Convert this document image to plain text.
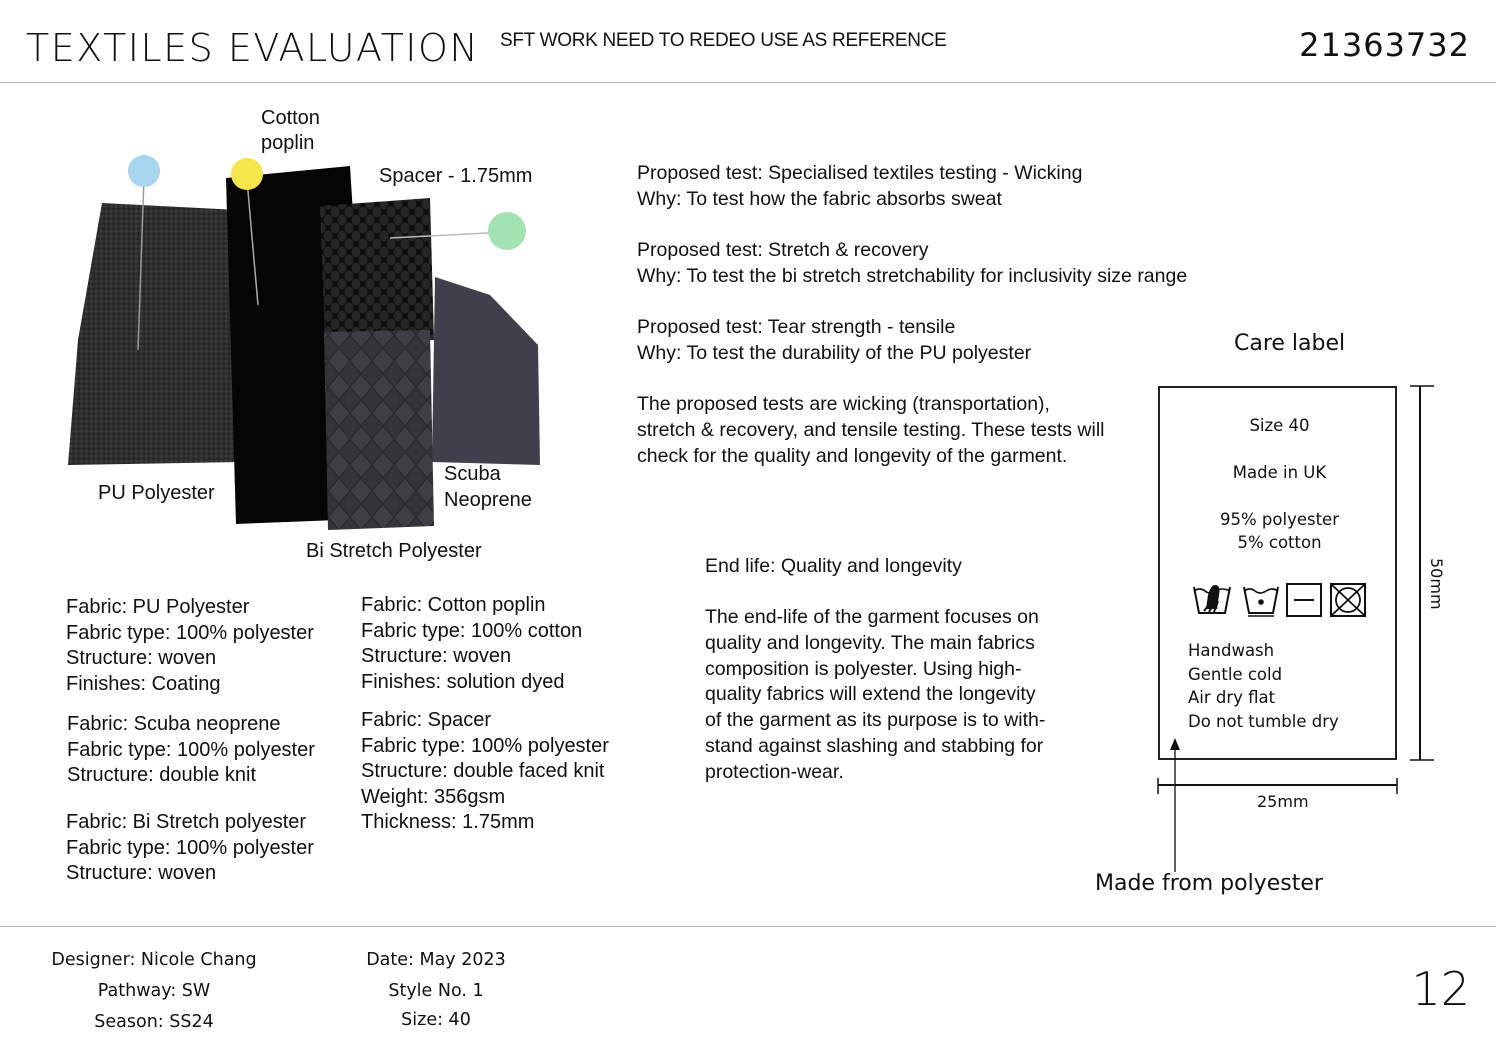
TEXTILES EVALUATION SFT WORK NEED TO REDEO USE AS REFERENCE	21363732
Cotton
poplin
Spacer - 1.75mm
PU Polyester
Scuba
Neoprene
Bi Stretch Polyester
Proposed test: Specialised textiles testing - Wicking
Why: To test how the fabric absorbs sweat
Proposed test: Stretch & recovery
Why: To test the bi stretch stretchability for inclusivity size range
Proposed test: Tear strength - tensile
Why: To test the durability of the PU polyester
The proposed tests are wicking (transportation),
stretch & recovery, and tensile testing. These tests will
check for the quality and longevity of the garment.
End life: Quality and longevity
The end-life of the garment focuses on
quality and longevity. The main fabrics
composition is polyester. Using high-
quality fabrics will extend the longevity
of the garment as its purpose is to with-
stand against slashing and stabbing for
protection-wear.
Fabric: PU Polyester
Fabric type: 100% polyester
Structure: woven
Finishes: Coating
Fabric: Scuba neoprene
Fabric type: 100% polyester
Structure: double knit
Fabric: Bi Stretch polyester
Fabric type: 100% polyester
Structure: woven
Fabric: Cotton poplin
Fabric type: 100% cotton
Structure: woven
Finishes: solution dyed
Fabric: Spacer
Fabric type: 100% polyester
Structure: double faced knit
Weight: 356gsm
Thickness: 1.75mm
Care label
Size 40
Made in UK
95% polyester
5% cotton
Handwash
Gentle cold
Air dry flat
Do not tumble dry
50mm
25mm
Made from polyester
Designer: Nicole Chang
Pathway: SW
Season: SS24
Date: May 2023
Style No. 1
Size: 40
12
